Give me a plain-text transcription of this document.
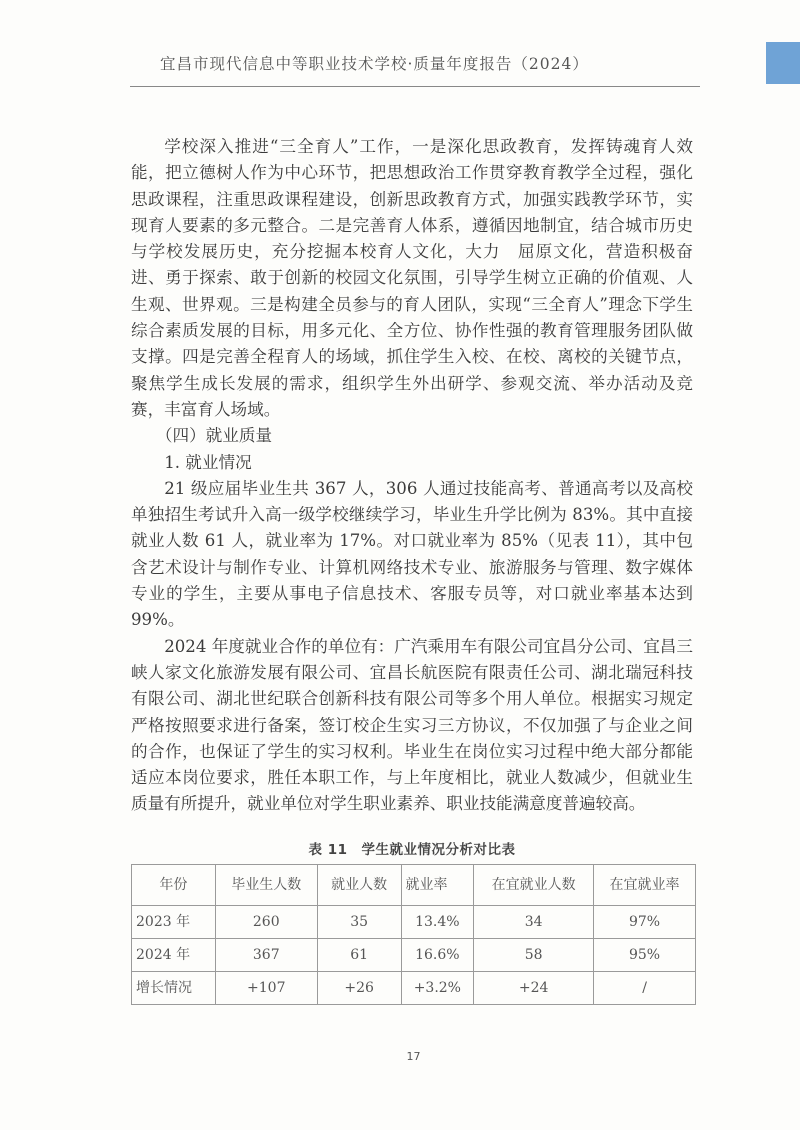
宜昌市现代信息中等职业技术学校·质量年度报告（2024）

学校深入推进“三全育人”工作，一是深化思政教育，发挥铸魂育人效能，把立德树人作为中心环节，把思想政治工作贯穿教育教学全过程，强化思政课程，注重思政课程建设，创新思政教育方式，加强实践教学环节，实现育人要素的多元整合。二是完善育人体系，遵循因地制宜，结合城市历史与学校发展历史，充分挖掘本校育人文化，大力　屈原文化，营造积极奋进、勇于探索、敢于创新的校园文化氛围，引导学生树立正确的价值观、人生观、世界观。三是构建全员参与的育人团队，实现“三全育人”理念下学生综合素质发展的目标，用多元化、全方位、协作性强的教育管理服务团队做支撑。四是完善全程育人的场域，抓住学生入校、在校、离校的关键节点，聚焦学生成长发展的需求，组织学生外出研学、参观交流、举办活动及竞赛，丰富育人场域。

（四）就业质量

1. 就业情况

21 级应届毕业生共 367 人，306 人通过技能高考、普通高考以及高校单独招生考试升入高一级学校继续学习，毕业生升学比例为 83%。其中直接就业人数 61 人，就业率为 17%。对口就业率为 85%（见表 11），其中包含艺术设计与制作专业、计算机网络技术专业、旅游服务与管理、数字媒体专业的学生，主要从事电子信息技术、客服专员等，对口就业率基本达到 99%。

2024 年度就业合作的单位有：广汽乘用车有限公司宜昌分公司、宜昌三峡人家文化旅游发展有限公司、宜昌长航医院有限责任公司、湖北瑞冠科技有限公司、湖北世纪联合创新科技有限公司等多个用人单位。根据实习规定严格按照要求进行备案，签订校企生实习三方协议，不仅加强了与企业之间的合作，也保证了学生的实习权利。毕业生在岗位实习过程中绝大部分都能适应本岗位要求，胜任本职工作，与上年度相比，就业人数减少，但就业生质量有所提升，就业单位对学生职业素养、职业技能满意度普遍较高。

表 11　学生就业情况分析对比表
年份	毕业生人数	就业人数	就业率	在宜就业人数	在宜就业率
2023 年	260	35	13.4%	34	97%
2024 年	367	61	16.6%	58	95%
增长情况	+107	+26	+3.2%	+24	/
17
